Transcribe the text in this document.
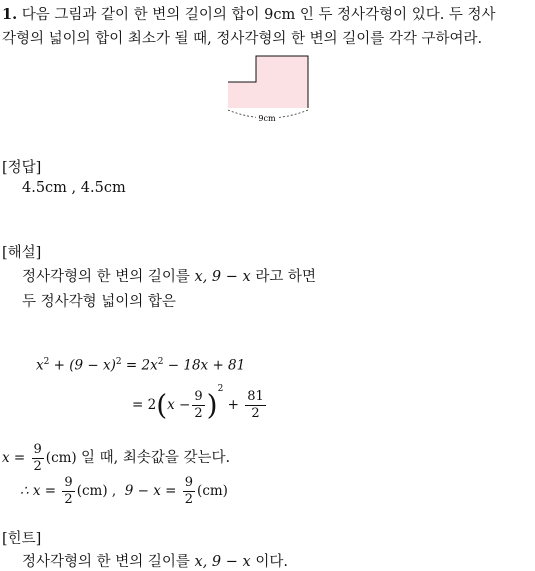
1. 다음 그림과 같이 한 변의 길이의 합이 9cm 인 두 정사각형이 있다. 두 정사
각형의 넓이의 합이 최소가 될 때, 정사각형의 한 변의 길이를 각각 구하여라.
9cm
[정답]
4.5cm , 4.5cm
[해설]
정사각형의 한 변의 길이를 x, 9 − x 라고 하면
두 정사각형 넓이의 합은
$x^2 + (9 - x)^2 = 2x^2 - 18x + 81$
= $2(x - \frac{9}{2} )^2 + \frac{81}{2}$
$x = \frac{9}{2} (cm)$ 일 때, 최솟값을 갖는다.
∴ $x = \frac{9}{2} (cm)$ , $9 - x = \frac{9}{2} (cm)$
[힌트]
정사각형의 한 변의 길이를 x, 9 − x 이다.
